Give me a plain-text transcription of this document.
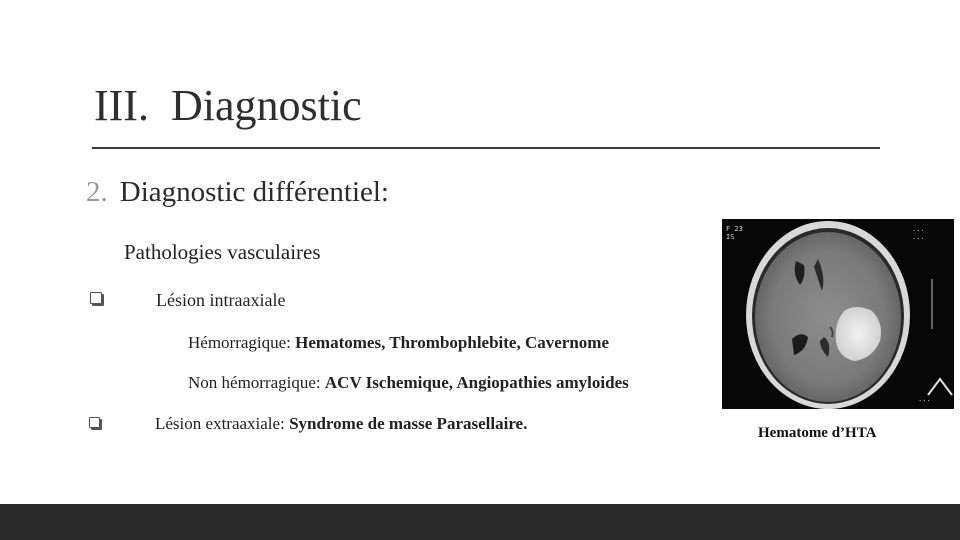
III. Diagnostic
2. Diagnostic différentiel:
Pathologies vasculaires
Lésion intraaxiale
Hémorragique: Hematomes, Thrombophlebite, Cavernome
Non hémorragique: ACV Ischemique, Angiopathies amyloides
Lésion extraaxiale: Syndrome de masse Parasellaire.
F 23
IS
...
...
...
Hematome d’HTA
